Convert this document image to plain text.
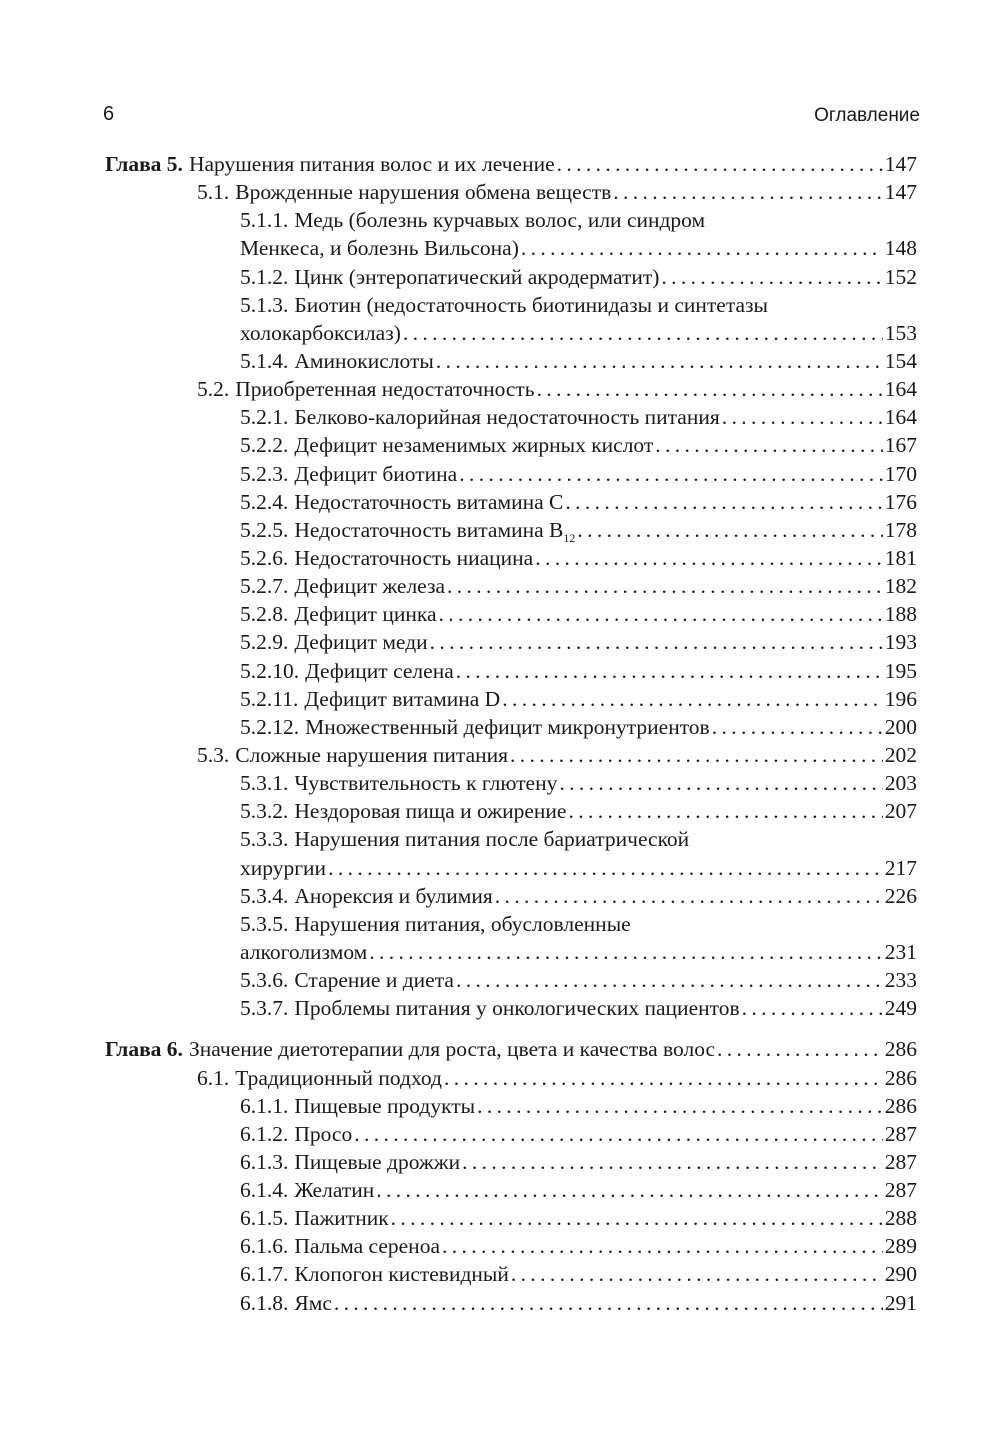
6	Оглавление
Глава 5. Нарушения питания волос и их лечение . . .	147
5.1. Врожденные нарушения обмена веществ . . .	147
5.1.1. Медь (болезнь курчавых волос, или синдром
Менкеса, и болезнь Вильсона) . . .	148
5.1.2. Цинк (энтеропатический акродерматит) . . .	152
5.1.3. Биотин (недостаточность биотинидазы и синтетазы
холокарбоксилаз) . . .	153
5.1.4. Аминокислоты . . .	154
5.2. Приобретенная недостаточность . . .	164
5.2.1. Белково-калорийная недостаточность питания . . .	164
5.2.2. Дефицит незаменимых жирных кислот . . .	167
5.2.3. Дефицит биотина . . .	170
5.2.4. Недостаточность витамина С . . .	176
5.2.5. Недостаточность витамина $В_{12}$ . . .	178
5.2.6. Недостаточность ниацина . . .	181
5.2.7. Дефицит железа . . .	182
5.2.8. Дефицит цинка . . .	188
5.2.9. Дефицит меди . . .	193
5.2.10. Дефицит селена . . .	195
5.2.11. Дефицит витамина D . . .	196
5.2.12. Множественный дефицит микронутриентов . . .	200
5.3. Сложные нарушения питания . . .	202
5.3.1. Чувствительность к глютену . . .	203
5.3.2. Нездоровая пища и ожирение . . .	207
5.3.3. Нарушения питания после бариатрической
хирургии . . .	217
5.3.4. Анорексия и булимия . . .	226
5.3.5. Нарушения питания, обусловленные
алкоголизмом . . .	231
5.3.6. Старение и диета . . .	233
5.3.7. Проблемы питания у онкологических пациентов . . .	249
Глава 6. Значение диетотерапии для роста, цвета и качества волос . . .	286
6.1. Традиционный подход . . .	286
6.1.1. Пищевые продукты . . .	286
6.1.2. Просо . . .	287
6.1.3. Пищевые дрожжи . . .	287
6.1.4. Желатин . . .	287
6.1.5. Пажитник . . .	288
6.1.6. Пальма сереноа . . .	289
6.1.7. Клопогон кистевидный . . .	290
6.1.8. Ямс . . .	291
